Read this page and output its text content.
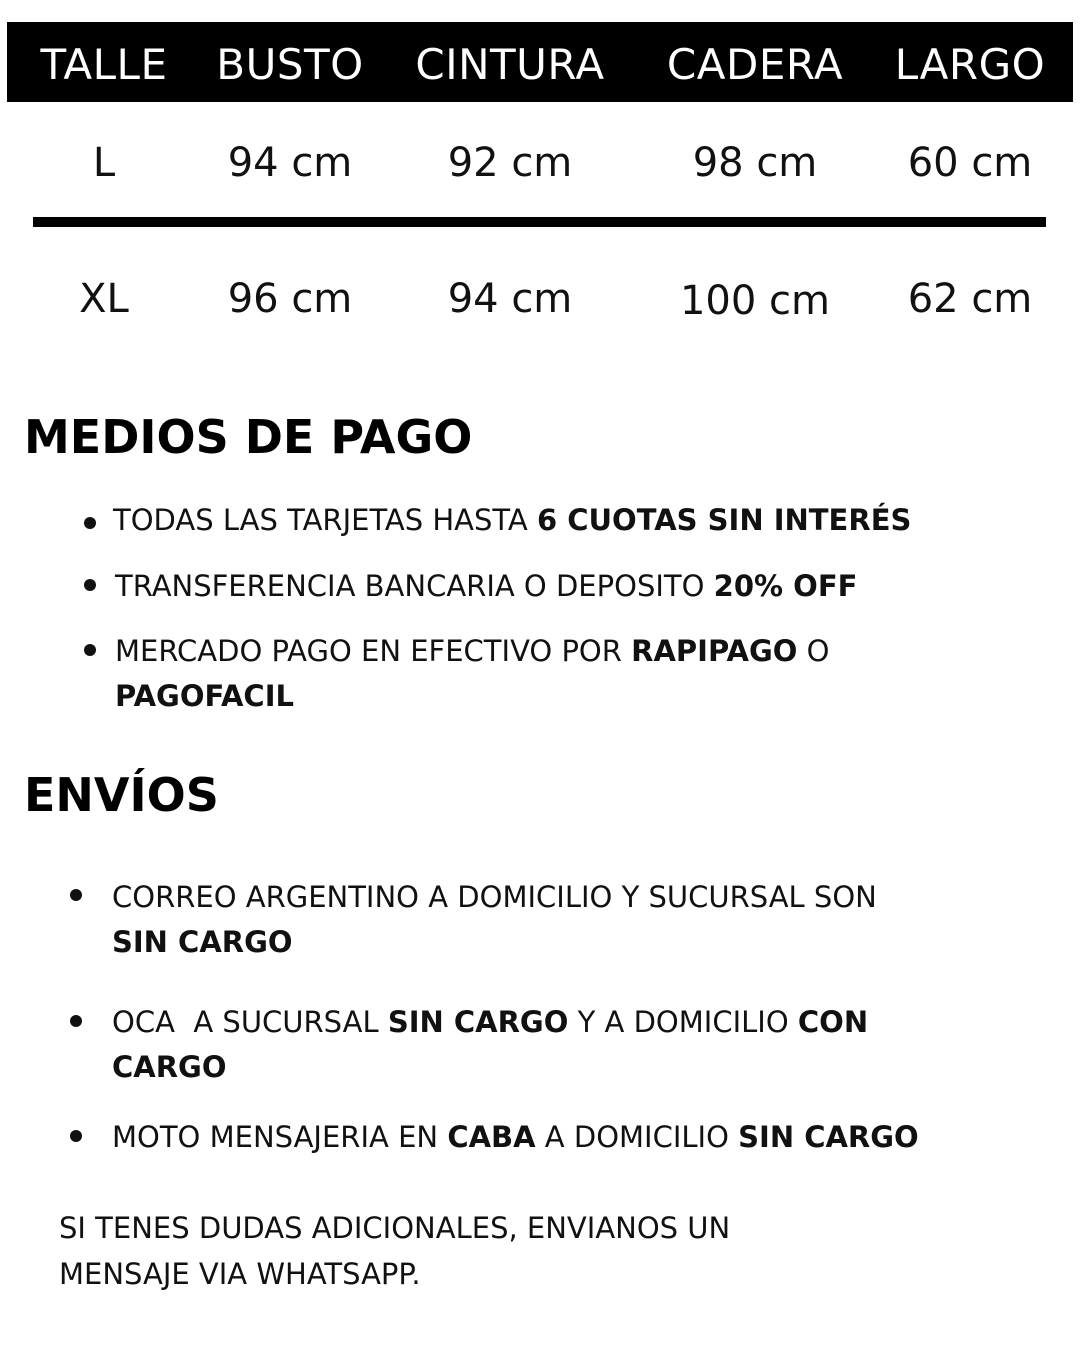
TALLE	BUSTO CINTURA	CADERA	LARGO
L	94 cm	92 cm	98 cm	60 cm
XL	96 cm	94 cm	100 cm	62 cm
MEDIOS DE PAGO
TODAS LAS TARJETAS HASTA 6 CUOTAS SIN INTERÉS
TRANSFERENCIA BANCARIA O DEPOSITO 20% OFF
MERCADO PAGO EN EFECTIVO POR RAPIPAGO O
PAGOFACIL
ENVÍOS
CORREO ARGENTINO A DOMICILIO Y SUCURSAL SON
SIN CARGO
OCA  A SUCURSAL SIN CARGO Y A DOMICILIO CON
CARGO
MOTO MENSAJERIA EN CABA A DOMICILIO SIN CARGO
SI TENES DUDAS ADICIONALES, ENVIANOS UN
MENSAJE VIA WHATSAPP.
